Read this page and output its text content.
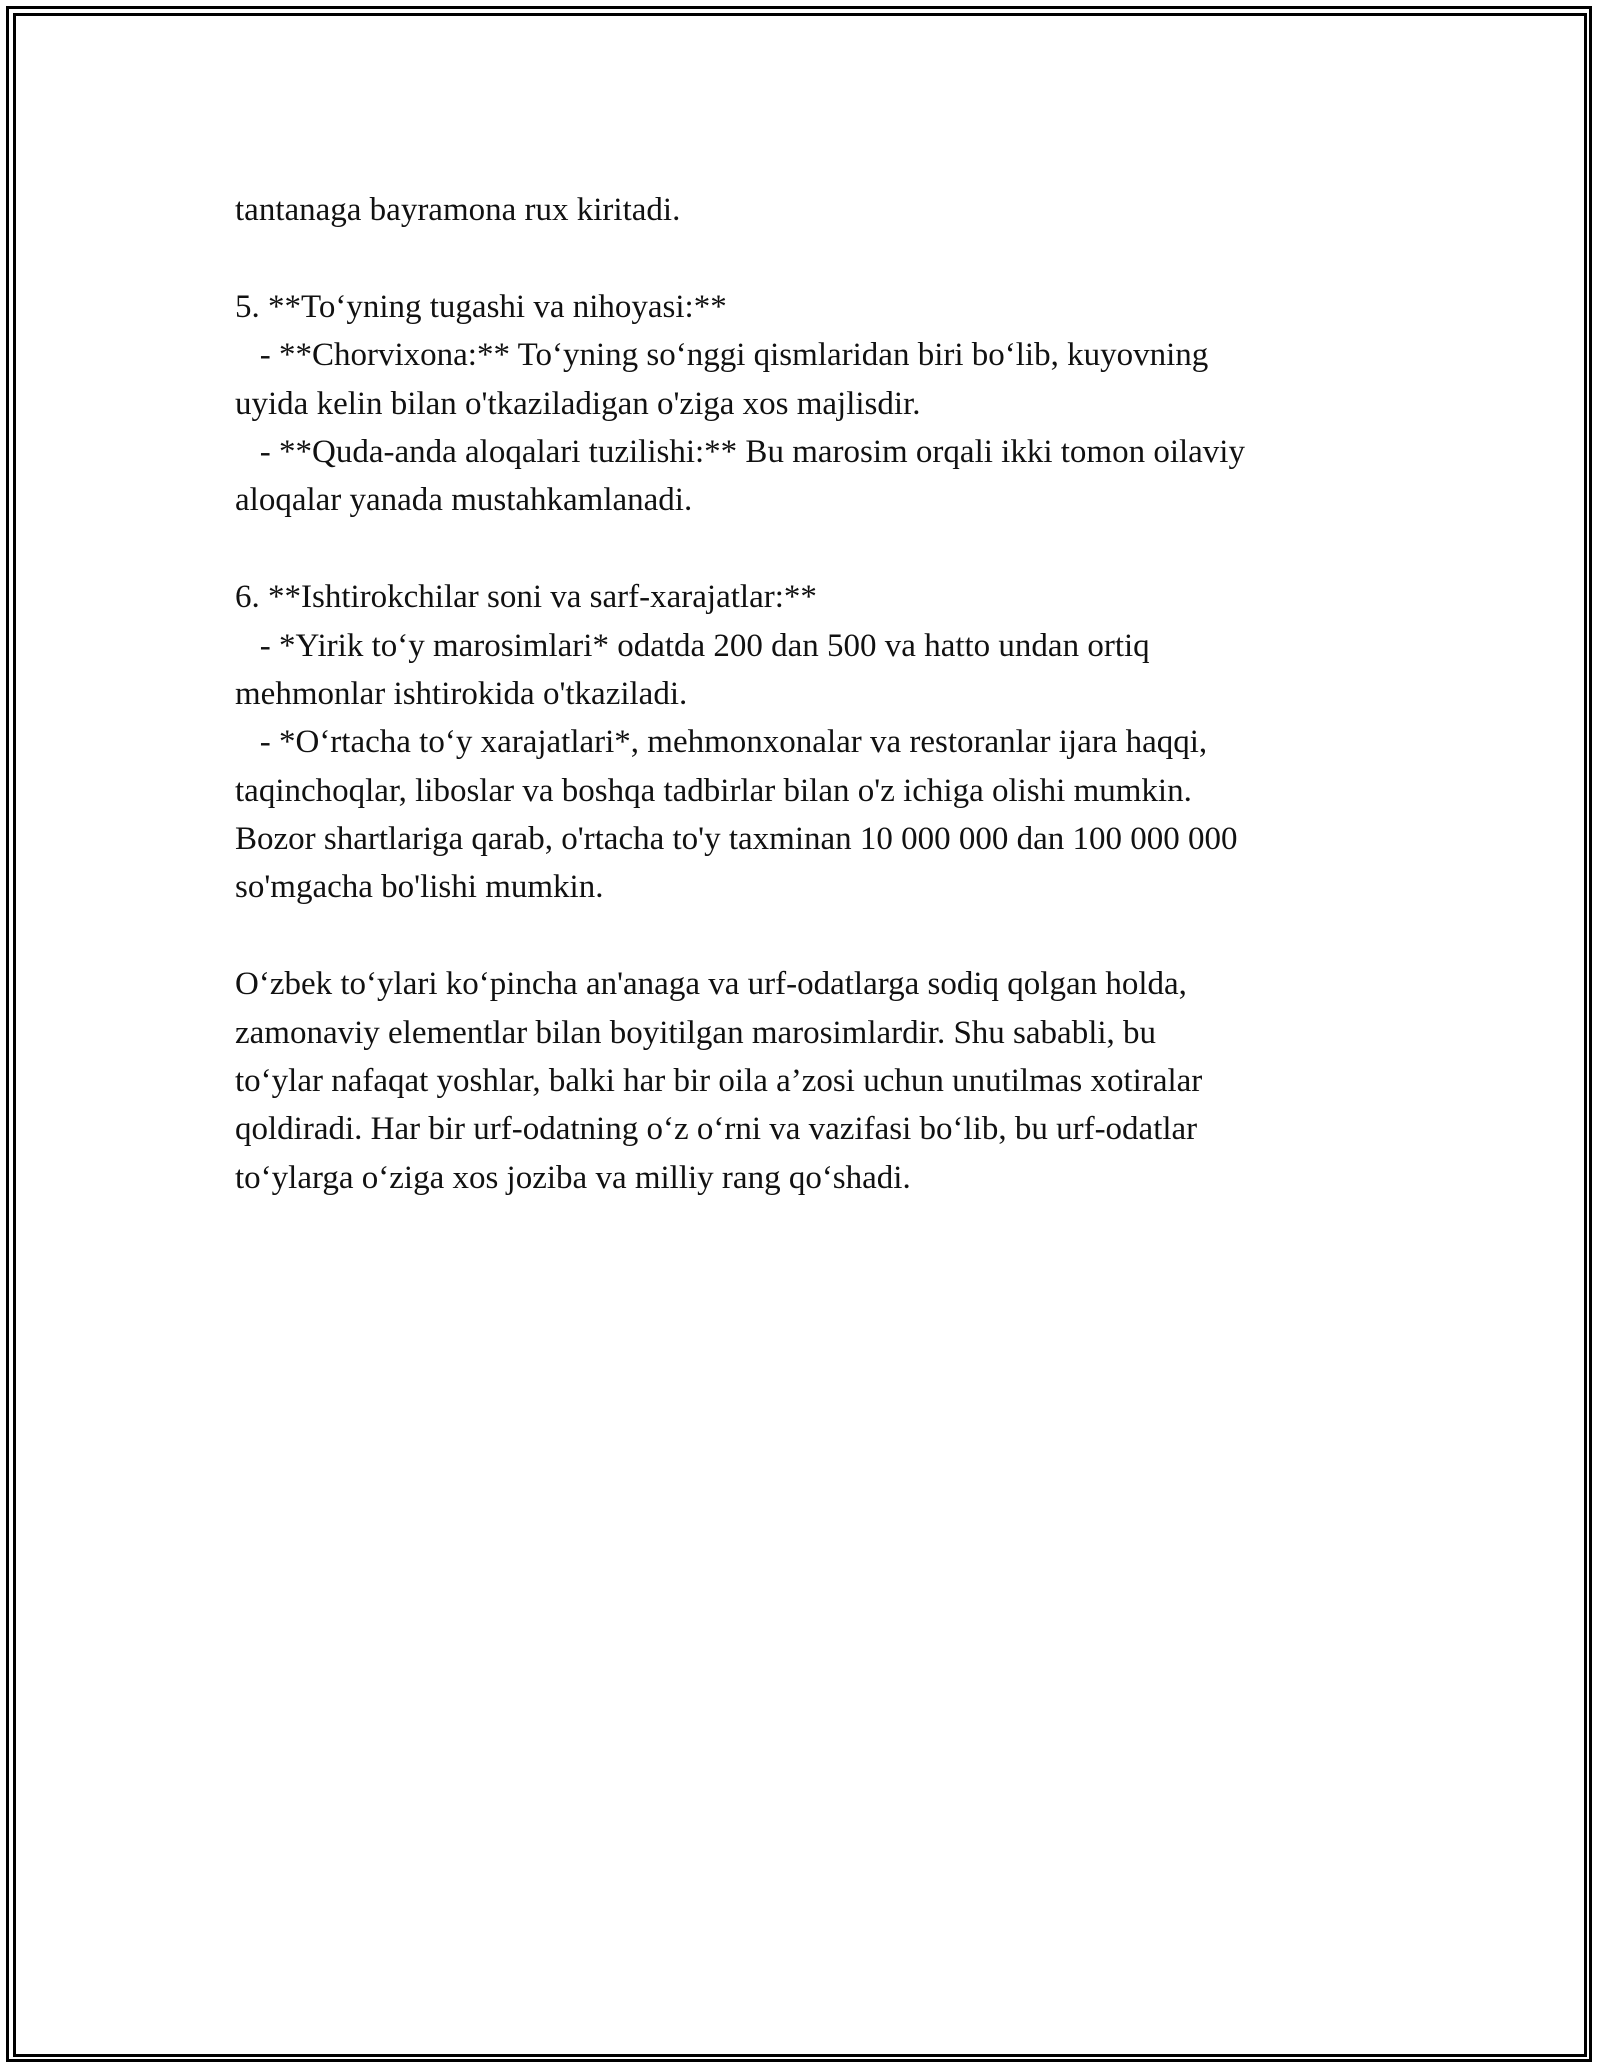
tantanaga bayramona rux kiritadi.
5. **To‘yning tugashi va nihoyasi:**
- **Chorvixona:** To‘yning so‘nggi qismlaridan biri bo‘lib, kuyovning
uyida kelin bilan o'tkaziladigan o'ziga xos majlisdir.
- **Quda-anda aloqalari tuzilishi:** Bu marosim orqali ikki tomon oilaviy
aloqalar yanada mustahkamlanadi.
6. **Ishtirokchilar soni va sarf-xarajatlar:**
- *Yirik to‘y marosimlari* odatda 200 dan 500 va hatto undan ortiq
mehmonlar ishtirokida o'tkaziladi.
- *O‘rtacha to‘y xarajatlari*, mehmonxonalar va restoranlar ijara haqqi,
taqinchoqlar, liboslar va boshqa tadbirlar bilan o'z ichiga olishi mumkin.
Bozor shartlariga qarab, o'rtacha to'y taxminan 10 000 000 dan 100 000 000
so'mgacha bo'lishi mumkin.
O‘zbek to‘ylari ko‘pincha an'anaga va urf-odatlarga sodiq qolgan holda,
zamonaviy elementlar bilan boyitilgan marosimlardir. Shu sababli, bu
to‘ylar nafaqat yoshlar, balki har bir oila a’zosi uchun unutilmas xotiralar
qoldiradi. Har bir urf-odatning o‘z o‘rni va vazifasi bo‘lib, bu urf-odatlar
to‘ylarga o‘ziga xos joziba va milliy rang qo‘shadi.
